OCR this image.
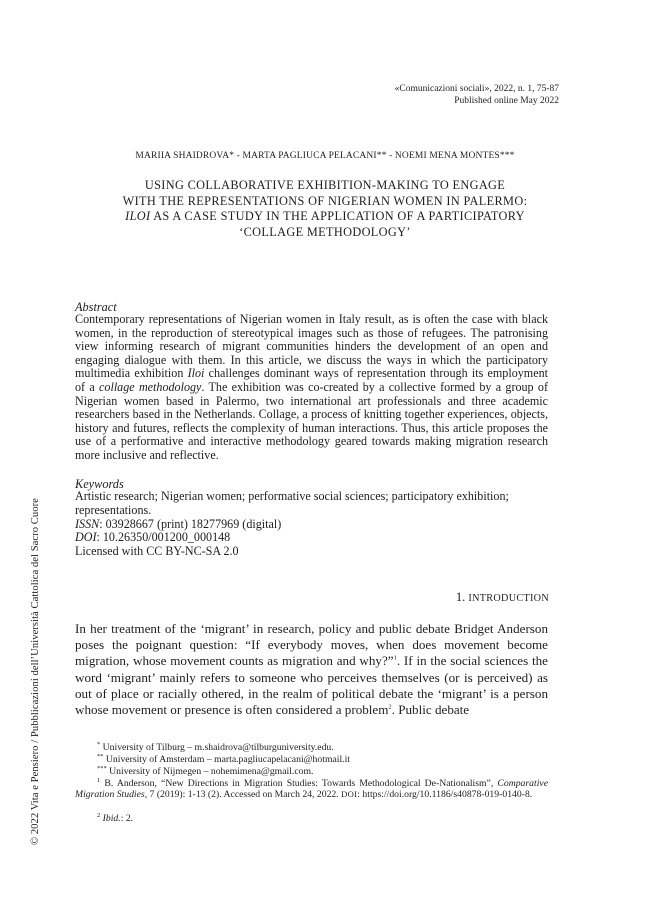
«Comunicazioni sociali», 2022, n. 1, 75-87
Published online May 2022
MARIIA SHAIDROVA* - MARTA PAGLIUCA PELACANI** - NOEMI MENA MONTES***
USING COLLABORATIVE EXHIBITION-MAKING TO ENGAGE
WITH THE REPRESENTATIONS OF NIGERIAN WOMEN IN PALERMO:
ILOI AS A CASE STUDY IN THE APPLICATION OF A PARTICIPATORY
‘COLLAGE METHODOLOGY’
Abstract
Contemporary representations of Nigerian women in Italy result, as is often the case with black women, in the reproduction of stereotypical images such as those of refugees. The patronising view informing research of migrant communities hinders the development of an open and engaging dialogue with them. In this article, we discuss the ways in which the participatory multimedia exhibition Iloi challenges dominant ways of representation through its employment of a collage methodology. The exhibition was co-created by a collective formed by a group of Nigerian women based in Palermo, two international art professionals and three academic researchers based in the Netherlands. Collage, a process of knitting together experiences, objects, history and futures, reflects the complexity of human interactions. Thus, this article proposes the use of a performative and interactive methodology geared towards making migration research more inclusive and reflective.
Keywords
Artistic research; Nigerian women; performative social sciences; participatory exhibition; representations.
ISSN: 03928667 (print) 18277969 (digital)
DOI: 10.26350/001200_000148
Licensed with CC BY-NC-SA 2.0
1. INTRODUCTION
In her treatment of the ‘migrant’ in research, policy and public debate Bridget Anderson poses the poignant question: “If everybody moves, when does movement become migration, whose movement counts as migration and why?”$^1$. If in the social sciences the word ‘migrant’ mainly refers to someone who perceives themselves (or is perceived) as out of place or racially othered, in the realm of political debate the ‘migrant’ is a person whose movement or presence is often considered a problem$^2$. Public debate
* University of Tilburg – m.shaidrova@tilburguniversity.edu.
** University of Amsterdam – marta.pagliucapelacani@hotmail.it
*** University of Nijmegen – nohemimena@gmail.com.
$^1$ B. Anderson, “New Directions in Migration Studies: Towards Methodological De-Nationalism”, Comparative Migration Studies, 7 (2019): 1-13 (2). Accessed on March 24, 2022. DOI: https://doi.org/10.1186/s40878-019-0140-8.
$^2$ Ibid.: 2.
© 2022 Vita e Pensiero / Pubblicazioni dell’Università Cattolica del Sacro Cuore
